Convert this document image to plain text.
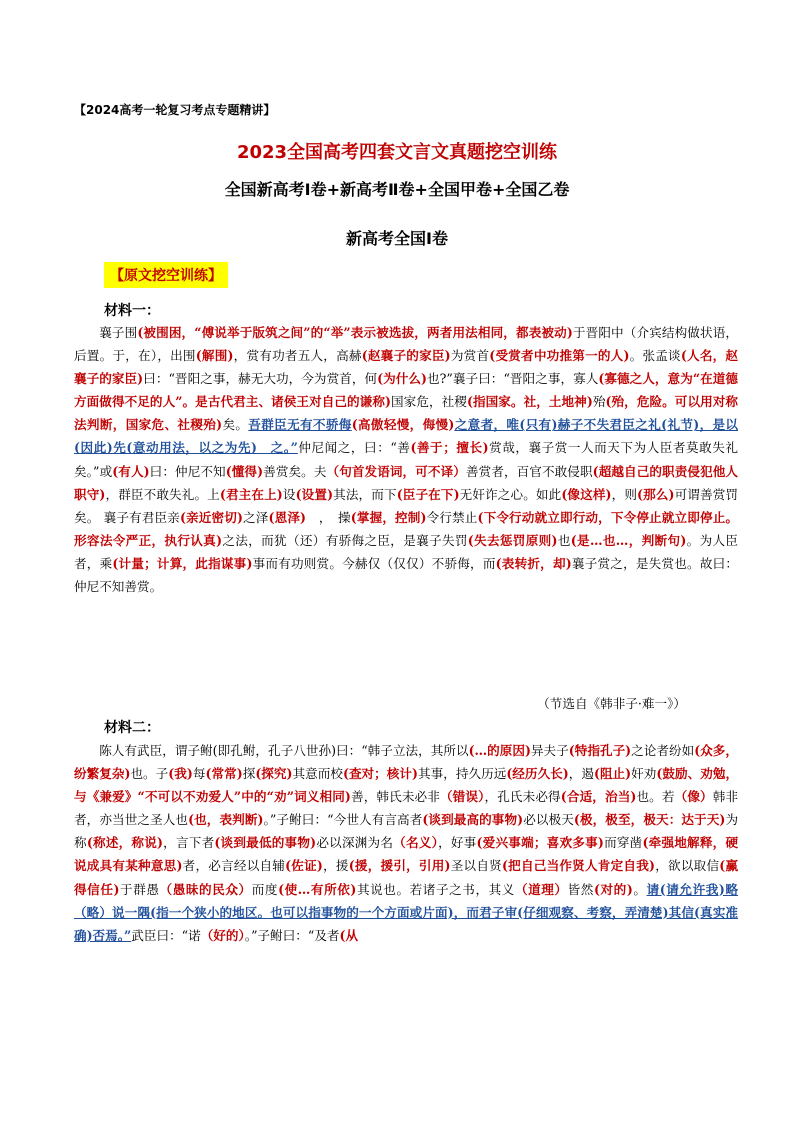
【2024高考一轮复习考点专题精讲】
2023全国高考四套文言文真题挖空训练
全国新高考Ⅰ卷+新高考Ⅱ卷+全国甲卷+全国乙卷
新高考全国Ⅰ卷
【原文挖空训练】
材料一：
襄子围(被围困，“傅说举于版筑之间”的“举”表示被选拔，两者用法相同，都表被动)于晋阳中（介宾结构做状语，后置。于，在），出围(解围)，赏有功者五人，高赫(赵襄子的家臣)为赏首(受赏者中功推第一的人)。张孟谈(人名，赵襄子的家臣)曰：“晋阳之事，赫无大功，今为赏首，何(为什么)也?”襄子曰：“晋阳之事，寡人(寡德之人，意为“在道德方面做得不足的人”。是古代君主、诸侯王对自己的谦称)国家危，社稷(指国家。社，土地神)殆(殆，危险。可以用对称法判断，国家危、社稷殆)矣。吾群臣无有不骄侮(高傲轻慢，侮慢)之意者，唯(只有)赫子不失君臣之礼(礼节)，是以(因此)先(意动用法，以之为先)　之。”仲尼闻之，曰：“善(善于；擅长)赏哉，襄子赏一人而天下为人臣者莫敢失礼矣。”或(有人)曰：仲尼不知(懂得)善赏矣。夫（句首发语词，可不译）善赏者，百官不敢侵职(超越自己的职责侵犯他人职守)，群臣不敢失礼。上(君主在上)设(设置)其法，而下(臣子在下)无奸诈之心。如此(像这样)，则(那么)可谓善赏罚矣。 襄子有君臣亲(亲近密切)之泽(恩泽)　，　操(掌握，控制)令行禁止(下令行动就立即行动，下令停止就立即停止。形容法令严正，执行认真)之法，而犹（还）有骄侮之臣，是襄子失罚(失去惩罚原则)也(是…也…，判断句)。为人臣者，乘(计量；计算，此指谋事)事而有功则赏。今赫仅（仅仅）不骄侮，而(表转折，却)襄子赏之，是失赏也。故曰：仲尼不知善赏。
（节选自《韩非子·难一》）
材料二：
陈人有武臣，谓子鲋(即孔鲋，孔子八世孙)曰：“韩子立法，其所以(…的原因)异夫子(特指孔子)之论者纷如(众多，纷繁复杂)也。子(我)每(常常)探(探究)其意而校(查对；核计)其事，持久历远(经历久长)，遏(阻止)奸劝(鼓励、劝勉，与《兼爱》“不可以不劝爱人”中的“劝”词义相同)善，韩氏未必非（错误），孔氏未必得(合适，治当)也。若（像）韩非者，亦当世之圣人也(也，表判断)。”子鲋曰：“今世人有言高者(谈到最高的事物)必以极天(极，极至，极天：达于天)为称(称述，称说)，言下者(谈到最低的事物)必以深渊为名（名义），好事(爱兴事端；喜欢多事)而穿凿(牵强地解释，硬说成具有某种意思)者，必言经以自辅(佐证)，援(援，援引，引用)圣以自贤(把自己当作贤人肯定自我)，欲以取信(赢得信任)于群愚（愚昧的民众）而度(使…有所依)其说也。若诸子之书，其义（道理）皆然(对的)。请(请允许我)略（略）说一隅(指一个狭小的地区。也可以指事物的一个方面或片面)，而君子审(仔细观察、考察，弄清楚)其信(真实准确)否焉。”武臣曰：“诺（好的）。”子鲋曰：“及者(从
